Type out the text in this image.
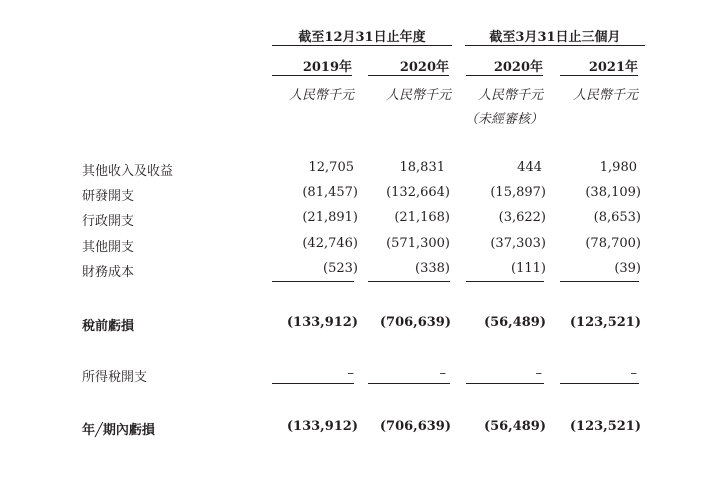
截至12月31日止年度	截至3月31日止三個月
2019年	2020年	2020年	2021年
人民幣千元	人民幣千元	人民幣千元	人民幣千元
（未經審核）
其他收入及收益	12,705	18,831	444	1,980
研發開支	(81,457)	(132,664)	(15,897)	(38,109)
行政開支	(21,891)	(21,168)	(3,622)	(8,653)
其他開支	(42,746)	(571,300)	(37,303)	(78,700)
財務成本	(523)	(338)	(111)	(39)
稅前虧損	(133,912)	(706,639)	(56,489)	(123,521)
所得稅開支	–	–	–	–
年╱期內虧損	(133,912)	(706,639)	(56,489)	(123,521)
